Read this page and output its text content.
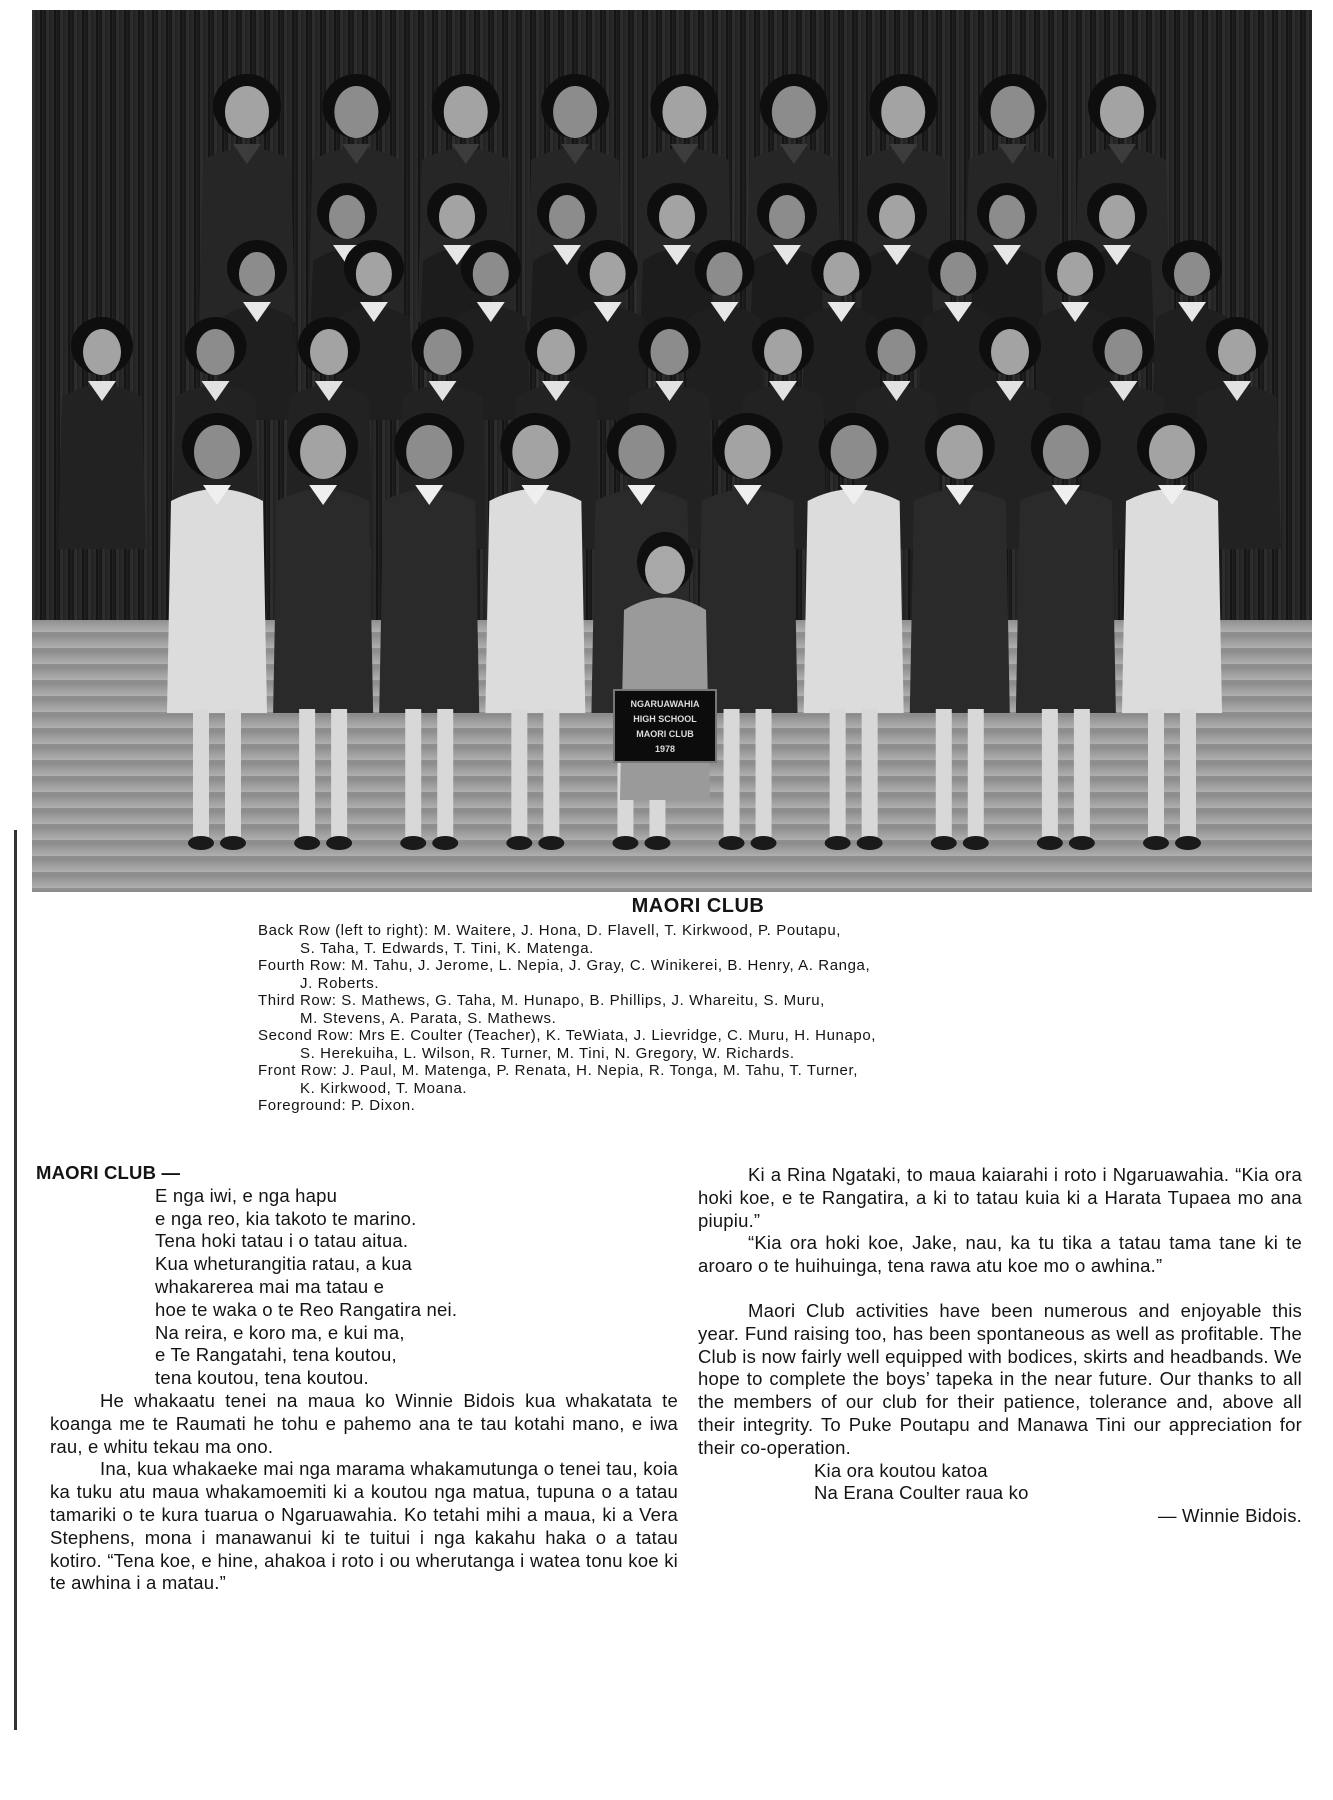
NGARUAWAHIA
HIGH SCHOOL
MAORI CLUB
1978
MAORI CLUB
Back Row (left to right): M. Waitere, J. Hona, D. Flavell, T. Kirkwood, P. Poutapu,
S. Taha, T. Edwards, T. Tini, K. Matenga.
Fourth Row: M. Tahu, J. Jerome, L. Nepia, J. Gray, C. Winikerei, B. Henry, A. Ranga,
J. Roberts.
Third Row: S. Mathews, G. Taha, M. Hunapo, B. Phillips, J. Whareitu, S. Muru,
M. Stevens, A. Parata, S. Mathews.
Second Row: Mrs E. Coulter (Teacher), K. TeWiata, J. Lievridge, C. Muru, H. Hunapo,
S. Herekuiha, L. Wilson, R. Turner, M. Tini, N. Gregory, W. Richards.
Front Row: J. Paul, M. Matenga, P. Renata, H. Nepia, R. Tonga, M. Tahu, T. Turner,
K. Kirkwood, T. Moana.
Foreground: P. Dixon.
MAORI CLUB —
E nga iwi, e nga hapu
e nga reo, kia takoto te marino.
Tena hoki tatau i o tatau aitua.
Kua wheturangitia ratau, a kua
whakarerea mai ma tatau e
hoe te waka o te Reo Rangatira nei.
Na reira, e koro ma, e kui ma,
e Te Rangatahi, tena koutou,
tena koutou, tena koutou.
He whakaatu tenei na maua ko Winnie Bidois kua whakatata te koanga me te Raumati he tohu e pahemo ana te tau kotahi mano, e iwa rau, e whitu tekau ma ono.
Ina, kua whakaeke mai nga marama whakamutunga o tenei tau, koia ka tuku atu maua whakamoemiti ki a koutou nga matua, tupuna o a tatau tamariki o te kura tuarua o Ngaruawahia. Ko tetahi mihi a maua, ki a Vera Stephens, mona i manawanui ki te tuitui i nga kakahu haka o a tatau kotiro. “Tena koe, e hine, ahakoa i roto i ou wherutanga i watea tonu koe ki te awhina i a matau.”
Ki a Rina Ngataki, to maua kaiarahi i roto i Ngaruawahia. “Kia ora hoki koe, e te Rangatira, a ki to tatau kuia ki a Harata Tupaea mo ana piupiu.”
“Kia ora hoki koe, Jake, nau, ka tu tika a tatau tama tane ki te aroaro o te huihuinga, tena rawa atu koe mo o awhina.”
Maori Club activities have been numerous and enjoyable this year. Fund raising too, has been spontaneous as well as profitable. The Club is now fairly well equipped with bodices, skirts and headbands. We hope to complete the boys’ tapeka in the near future. Our thanks to all the members of our club for their patience, tolerance and, above all their integrity. To Puke Poutapu and Manawa Tini our appreciation for their co-operation.
Kia ora koutou katoa
Na Erana Coulter raua ko
— Winnie Bidois.
